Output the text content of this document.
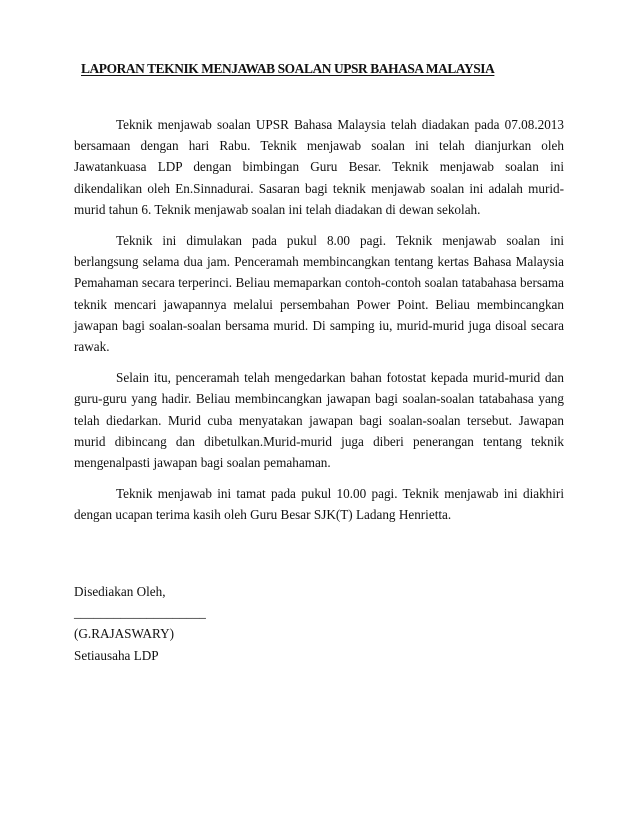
LAPORAN TEKNIK MENJAWAB SOALAN UPSR BAHASA MALAYSIA

Teknik menjawab soalan UPSR Bahasa Malaysia telah diadakan pada 07.08.2013 bersamaan dengan hari Rabu. Teknik menjawab soalan ini telah dianjurkan oleh Jawatankuasa LDP dengan bimbingan Guru Besar. Teknik menjawab soalan ini dikendalikan oleh En.Sinnadurai. Sasaran bagi teknik menjawab soalan ini adalah murid-murid tahun 6. Teknik menjawab soalan ini telah diadakan di dewan sekolah.

Teknik ini dimulakan pada pukul 8.00 pagi. Teknik menjawab soalan ini berlangsung selama dua jam. Penceramah membincangkan tentang kertas Bahasa Malaysia Pemahaman secara terperinci. Beliau memaparkan contoh-contoh soalan tatabahasa bersama teknik mencari jawapannya melalui persembahan Power Point. Beliau membincangkan jawapan bagi soalan-soalan bersama murid. Di samping iu, murid-murid juga disoal secara rawak.

Selain itu, penceramah telah mengedarkan bahan fotostat kepada murid-murid dan guru-guru yang hadir. Beliau membincangkan jawapan bagi soalan-soalan tatabahasa yang telah diedarkan. Murid cuba menyatakan jawapan bagi soalan-soalan tersebut. Jawapan murid dibincang dan dibetulkan.Murid-murid juga diberi penerangan tentang teknik mengenalpasti jawapan bagi soalan pemahaman.

Teknik menjawab ini tamat pada pukul 10.00 pagi. Teknik menjawab ini diakhiri dengan ucapan terima kasih oleh Guru Besar SJK(T) Ladang Henrietta.

Disediakan Oleh,
____________________
(G.RAJASWARY)
Setiausaha LDP
